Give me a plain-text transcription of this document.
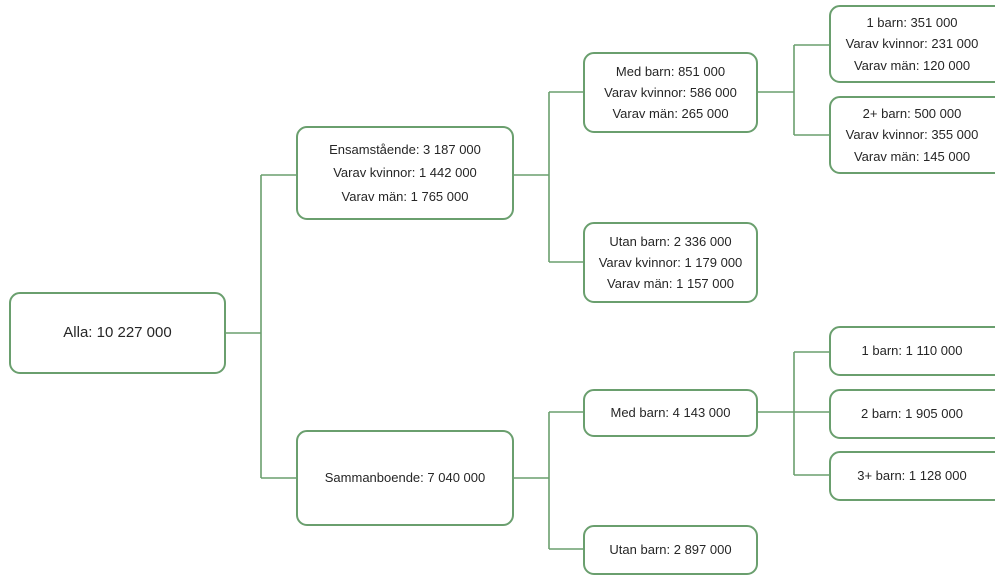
Alla: 10 227 000
Ensamstående: 3 187 000
Varav kvinnor: 1 442 000
Varav män: 1 765 000
Med barn: 851 000
Varav kvinnor: 586 000
Varav män: 265 000
1 barn: 351 000
Varav kvinnor: 231 000
Varav män: 120 000
2+ barn: 500 000
Varav kvinnor: 355 000
Varav män: 145 000
Utan barn: 2 336 000
Varav kvinnor: 1 179 000
Varav män: 1 157 000
Sammanboende: 7 040 000
Med barn: 4 143 000
1 barn: 1 110 000
2 barn: 1 905 000
3+ barn: 1 128 000
Utan barn: 2 897 000
